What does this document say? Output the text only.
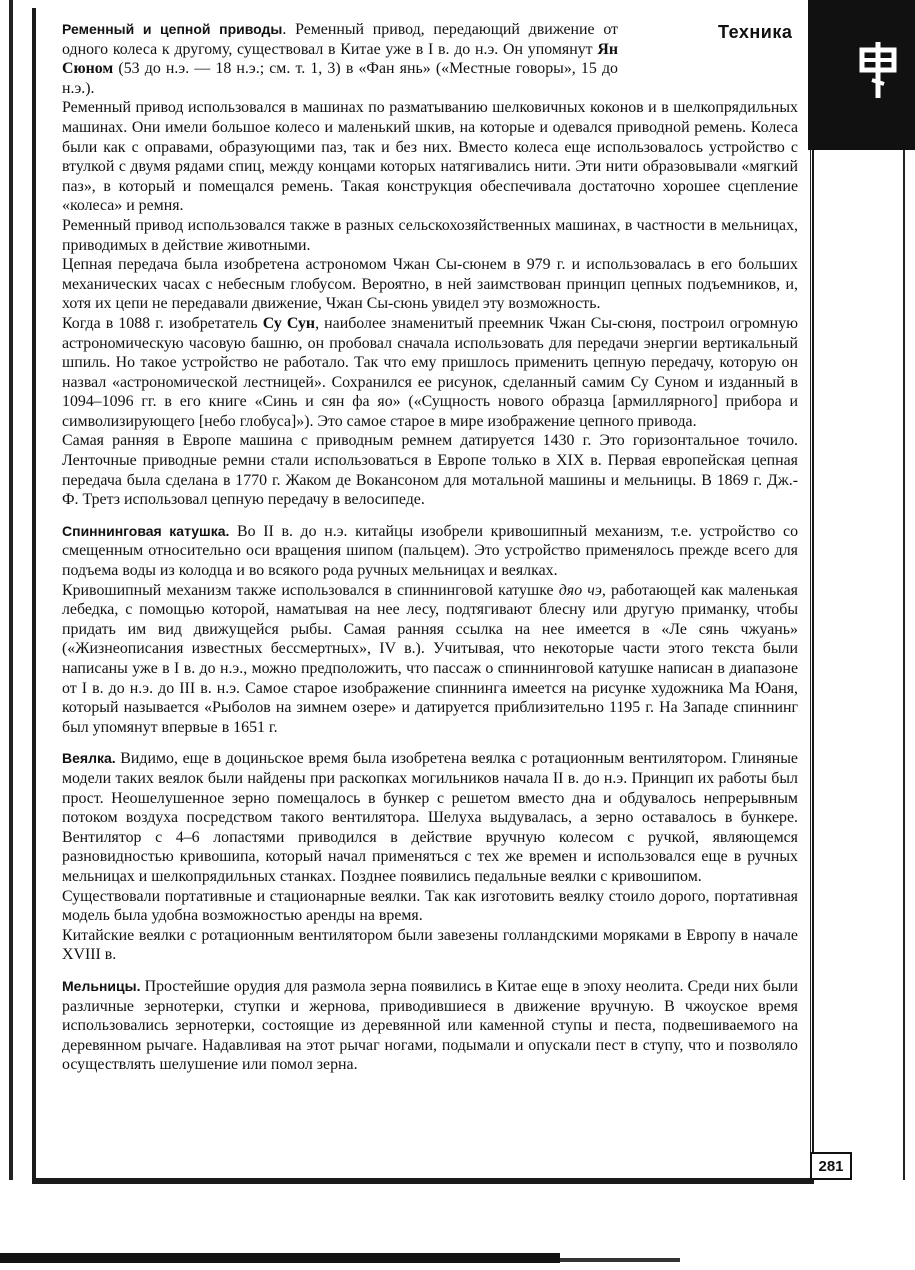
281
Техника

Ременный и цепной приводы. Ременный привод, передающий движение от одного колеса к другому, существовал в Китае уже в I в. до н.э. Он упомянут Ян Сюном (53 до н.э. — 18 н.э.; см. т. 1, 3) в «Фан янь» («Местные говоры», 15 до н.э.).

Ременный привод использовался в машинах по разматыванию шелковичных коконов и в шелкопрядильных машинах. Они имели большое колесо и маленький шкив, на которые и одевался приводной ремень. Колеса были как с оправами, образующими паз, так и без них. Вместо колеса еще использовалось устройство с втулкой с двумя рядами спиц, между концами которых натягивались нити. Эти нити образовывали «мягкий паз», в который и помещался ремень. Такая конструкция обеспечивала достаточно хорошее сцепление «колеса» и ремня.

Ременный привод использовался также в разных сельскохозяйственных машинах, в частности в мельницах, приводимых в действие животными.

Цепная передача была изобретена астрономом Чжан Сы-сюнем в 979 г. и использовалась в его больших механических часах с небесным глобусом. Вероятно, в ней заимствован принцип цепных подъемников, и, хотя их цепи не передавали движение, Чжан Сы-сюнь увидел эту возможность.

Когда в 1088 г. изобретатель Су Сун, наиболее знаменитый преемник Чжан Сы-сюня, построил огромную астрономическую часовую башню, он пробовал сначала использовать для передачи энергии вертикальный шпиль. Но такое устройство не работало. Так что ему пришлось применить цепную передачу, которую он назвал «астрономической лестницей». Сохранился ее рисунок, сделанный самим Су Суном и изданный в 1094–1096 гг. в его книге «Синь и сян фа яо» («Сущность нового образца [армиллярного] прибора и символизирующего [небо глобуса]»). Это самое старое в мире изображение цепного привода.

Самая ранняя в Европе машина с приводным ремнем датируется 1430 г. Это горизонтальное точило. Ленточные приводные ремни стали использоваться в Европе только в XIX в. Первая европейская цепная передача была сделана в 1770 г. Жаком де Вокансоном для мотальной машины и мельницы. В 1869 г. Дж.-Ф. Третз использовал цепную передачу в велосипеде.

Спиннинговая катушка. Во II в. до н.э. китайцы изобрели кривошипный механизм, т.е. устройство со смещенным относительно оси вращения шипом (пальцем). Это устройство применялось прежде всего для подъема воды из колодца и во всякого рода ручных мельницах и веялках.

Кривошипный механизм также использовался в спиннинговой катушке дяо чэ, работающей как маленькая лебедка, с помощью которой, наматывая на нее лесу, подтягивают блесну или другую приманку, чтобы придать им вид движущейся рыбы. Самая ранняя ссылка на нее имеется в «Ле сянь чжуань» («Жизнеописания известных бессмертных», IV в.). Учитывая, что некоторые части этого текста были написаны уже в I в. до н.э., можно предположить, что пассаж о спиннинговой катушке написан в диапазоне от I в. до н.э. до III в. н.э. Самое старое изображение спиннинга имеется на рисунке художника Ма Юаня, который называется «Рыболов на зимнем озере» и датируется приблизительно 1195 г. На Западе спиннинг был упомянут впервые в 1651 г.

Веялка. Видимо, еще в доциньское время была изобретена веялка с ротационным вентилятором. Глиняные модели таких веялок были найдены при раскопках могильников начала II в. до н.э. Принцип их работы был прост. Неошелушенное зерно помещалось в бункер с решетом вместо дна и обдувалось непрерывным потоком воздуха посредством такого вентилятора. Шелуха выдувалась, а зерно оставалось в бункере. Вентилятор с 4–6 лопастями приводился в действие вручную колесом с ручкой, являющемся разновидностью кривошипа, который начал применяться с тех же времен и использовался еще в ручных мельницах и шелкопрядильных станках. Позднее появились педальные веялки с кривошипом.

Существовали портативные и стационарные веялки. Так как изготовить веялку стоило дорого, портативная модель была удобна возможностью аренды на время.

Китайские веялки с ротационным вентилятором были завезены голландскими моряками в Европу в начале XVIII в.

Мельницы. Простейшие орудия для размола зерна появились в Китае еще в эпоху неолита. Среди них были различные зернотерки, ступки и жернова, приводившиеся в движение вручную. В чжоуское время использовались зернотерки, состоящие из деревянной или каменной ступы и песта, подвешиваемого на деревянном рычаге. Надавливая на этот рычаг ногами, подымали и опускали пест в ступу, что и позволяло осуществлять шелушение или помол зерна.
